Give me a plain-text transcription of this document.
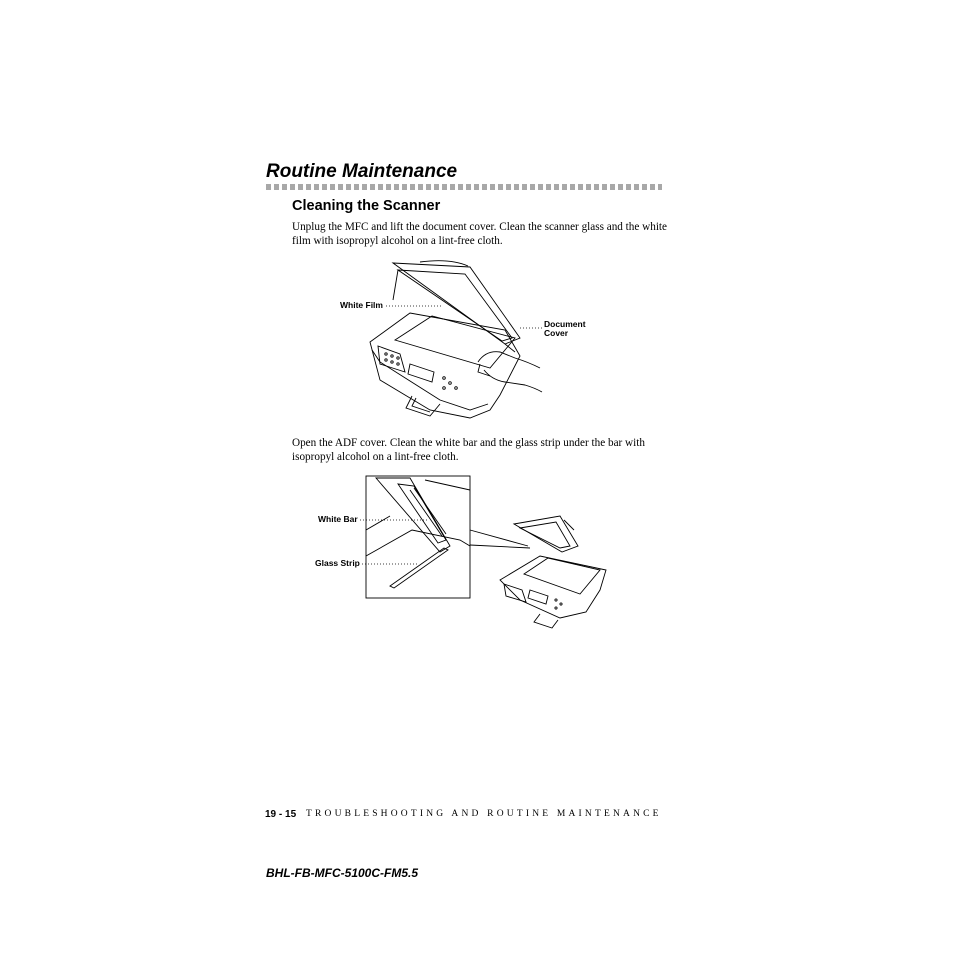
Routine Maintenance
Cleaning the Scanner

Unplug the MFC and lift the document cover. Clean the scanner glass and the white film with isopropyl alcohol on a lint-free cloth.

White Film
Document
Cover

Open the ADF cover. Clean the white bar and the glass strip under the bar with isopropyl alcohol on a lint-free cloth.

White Bar
Glass Strip
19 - 15 TROUBLESHOOTING AND ROUTINE MAINTENANCE
BHL-FB-MFC-5100C-FM5.5
